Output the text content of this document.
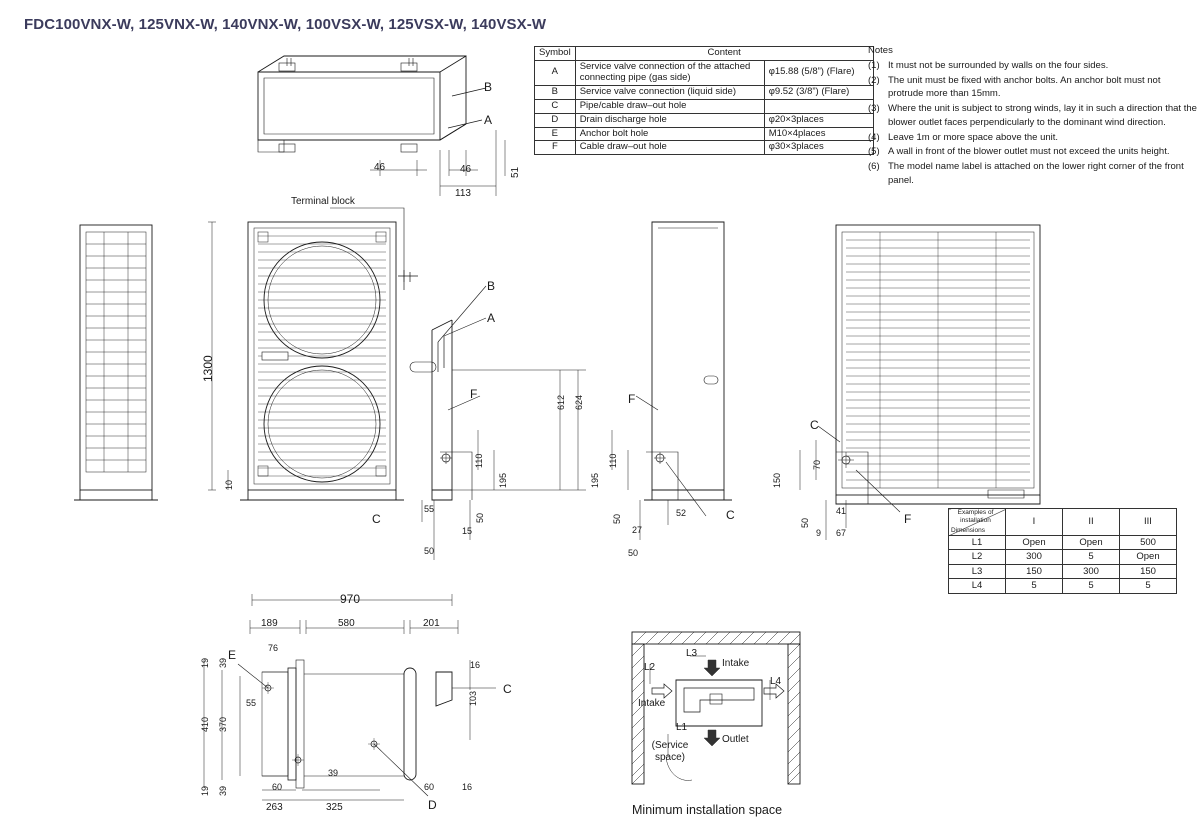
FDC100VNX-W, 125VNX-W, 140VNX-W, 100VSX-W, 125VSX-W, 140VSX-W
Symbol	Content	
A	Service valve connection of the attached connecting pipe (gas side)	φ15.88 (5/8”) (Flare)
B	Service valve connection (liquid side)	φ9.52 (3/8”) (Flare)
C	Pipe/cable draw–out hole	
D	Drain discharge hole	φ20×3places
E	Anchor bolt hole	M10×4places
F	Cable draw–out hole	φ30×3places
Notes
(1) It must not be surrounded by walls on the four sides.
(2) The unit must be fixed with anchor bolts. An anchor bolt must not protrude more than 15mm.
(3) Where the unit is subject to strong winds, lay it in such a direction that the blower outlet faces perpendicularly to the dominant wind direction.
(4) Leave 1m or more space above the unit.
(5) A wall in front of the blower outlet must not exceed the units height.
(6) The model name label is attached on the lower right corner of the front panel.
Examples of installation
Dimensions	I	II	III
L1	Open	Open	500
L2	300	5	Open
L3	150	300	150
L4	5	5	5
B
A
46	46	51
113
Terminal block
1300
10
970
B
A
F
C
110
195
55
50
15
50
612 624	F
C
110
195
50
27
52
50
C
F
150
70
50
41
9 67
189	580	201
19 39
76
55
410 370
19 39	60
39
263	325
60
16
16
103
E
C
D
L2
L3
L4
L1
Intake
Intake
Outlet
(Service space)
Minimum installation space
